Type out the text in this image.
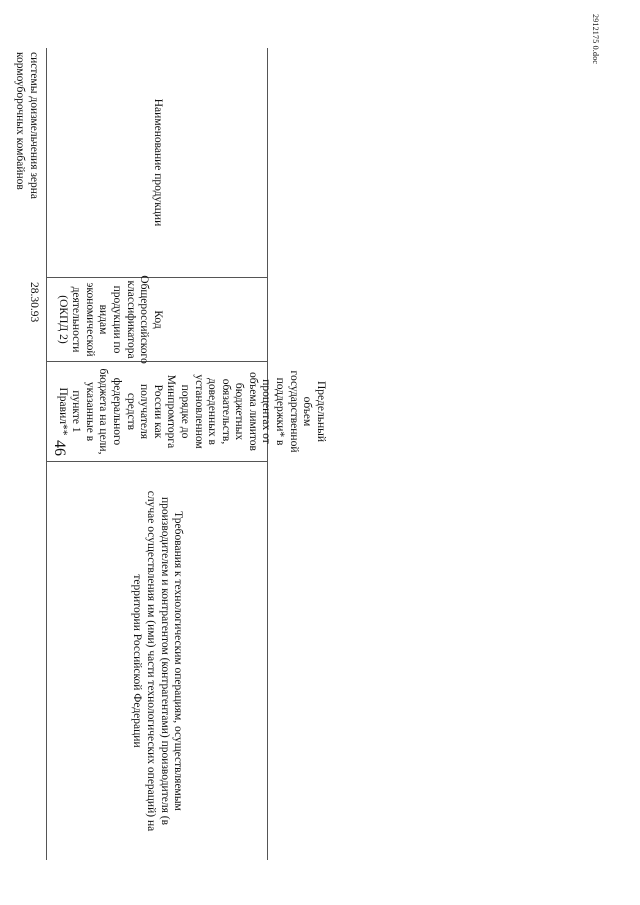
46
Наименование продукции
Код Общероссийского классификатора продукции по видам экономической деятельности (ОКПД 2)
Предельный объем государственной поддержки* в процентах от объема лимитов бюджетных обязательств, доведенных в установленном порядке до Минпромторга России как получателя средств федерального бюджета на цели, указанные в пункте 1 Правил**
Требования к технологическим операциям, осуществляемым производителем и контрагентом (контрагентами) производителя (в случае осуществления им (ими) части технологических операций) на территории Российской Федерации
системы доизмельчения зерна кормоуборочных комбайнов
28.30.93
2912175 0.doc
